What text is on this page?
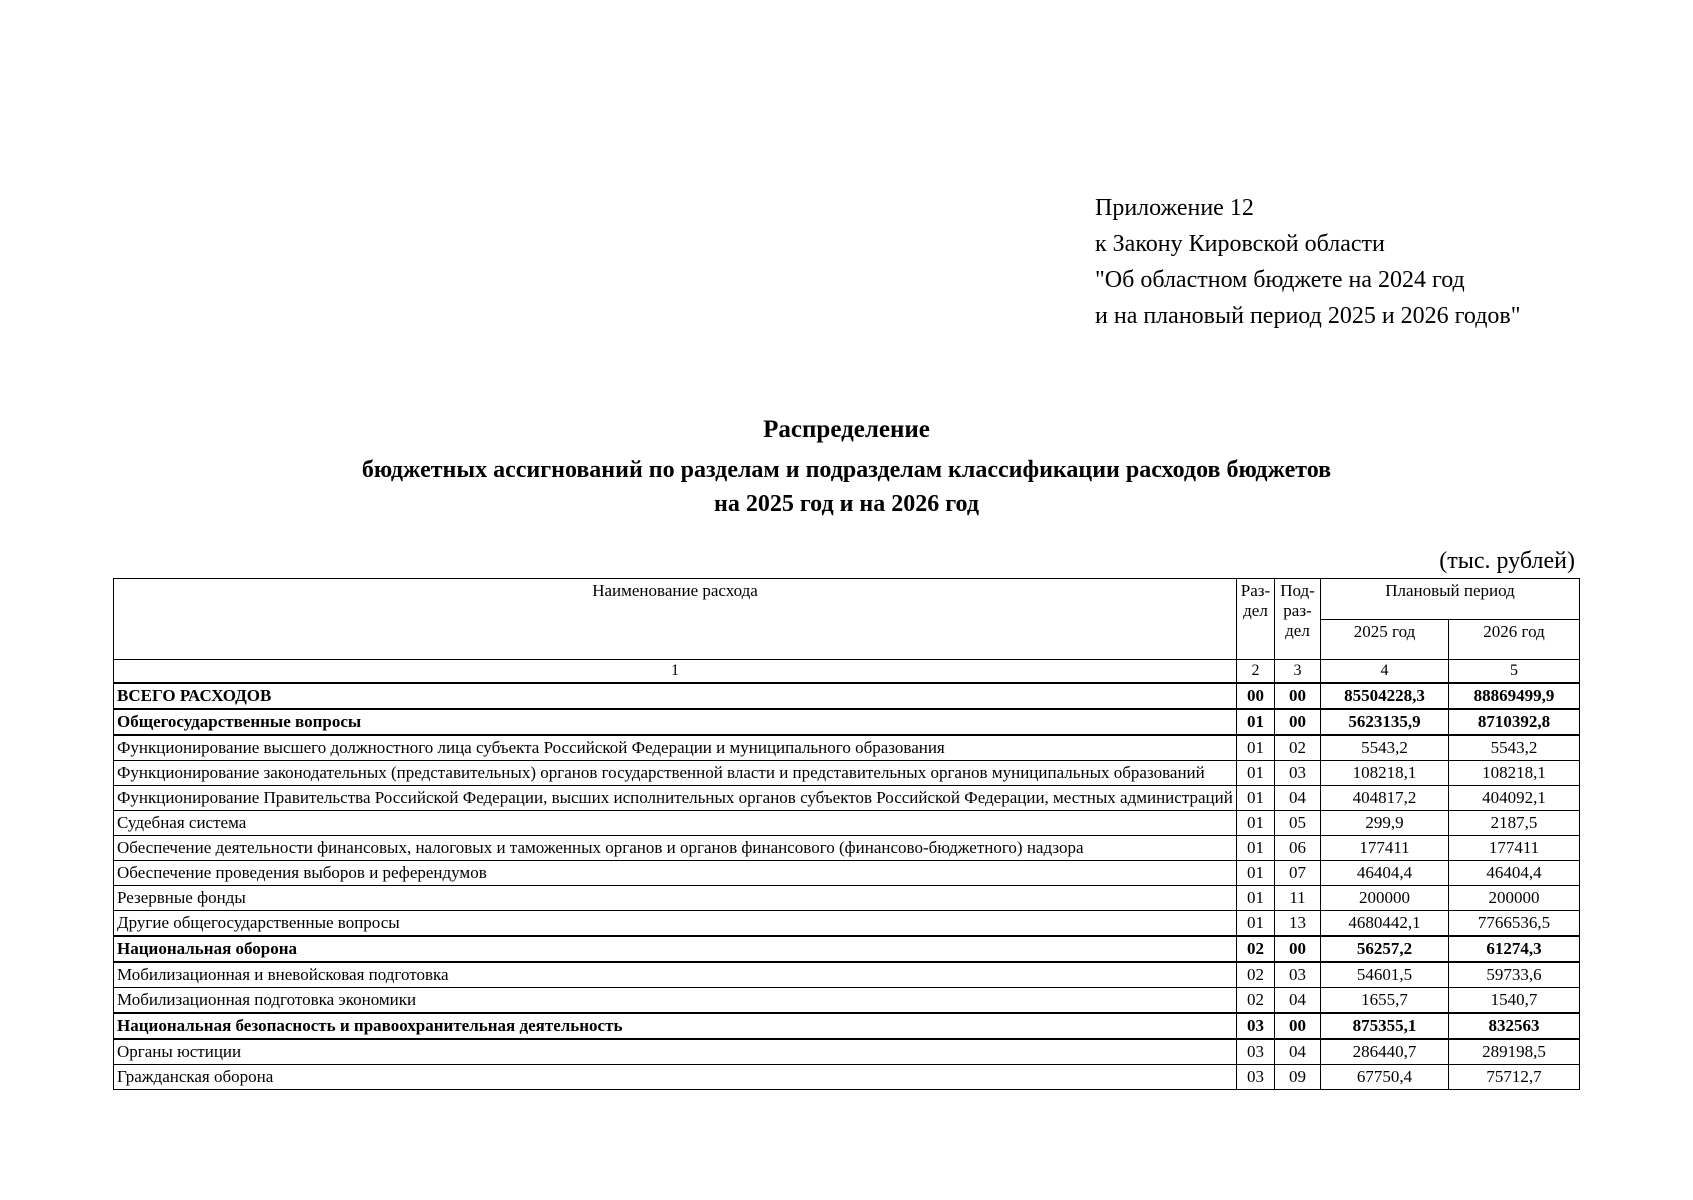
Приложение 12
к Закону Кировской области
"Об областном бюджете на 2024 год
и на плановый период 2025 и 2026 годов"
Распределение
бюджетных ассигнований по разделам и подразделам классификации расходов бюджетов
на 2025 год и на 2026 год
(тыс. рублей)
Наименование расхода	Раз-дел	Под-раз-дел	Плановый период	
			2025 год	2026 год
1	2	3	4	5
ВСЕГО РАСХОДОВ	00	00	85504228,3	88869499,9
Общегосударственные вопросы	01	00	5623135,9	8710392,8
Функционирование высшего должностного лица субъекта Российской Федерации и муниципального образования	01	02	5543,2	5543,2
Функционирование законодательных (представительных) органов государственной власти и представительных органов муниципальных образований	01	03	108218,1	108218,1
Функционирование Правительства Российской Федерации, высших исполнительных органов субъектов Российской Федерации, местных администраций	01	04	404817,2	404092,1
Судебная система	01	05	299,9	2187,5
Обеспечение деятельности финансовых, налоговых и таможенных органов и органов финансового (финансово-бюджетного) надзора	01	06	177411	177411
Обеспечение проведения выборов и референдумов	01	07	46404,4	46404,4
Резервные фонды	01	11	200000	200000
Другие общегосударственные вопросы	01	13	4680442,1	7766536,5
Национальная оборона	02	00	56257,2	61274,3
Мобилизационная и вневойсковая подготовка	02	03	54601,5	59733,6
Мобилизационная подготовка экономики	02	04	1655,7	1540,7
Национальная безопасность и правоохранительная деятельность	03	00	875355,1	832563
Органы юстиции	03	04	286440,7	289198,5
Гражданская оборона	03	09	67750,4	75712,7
